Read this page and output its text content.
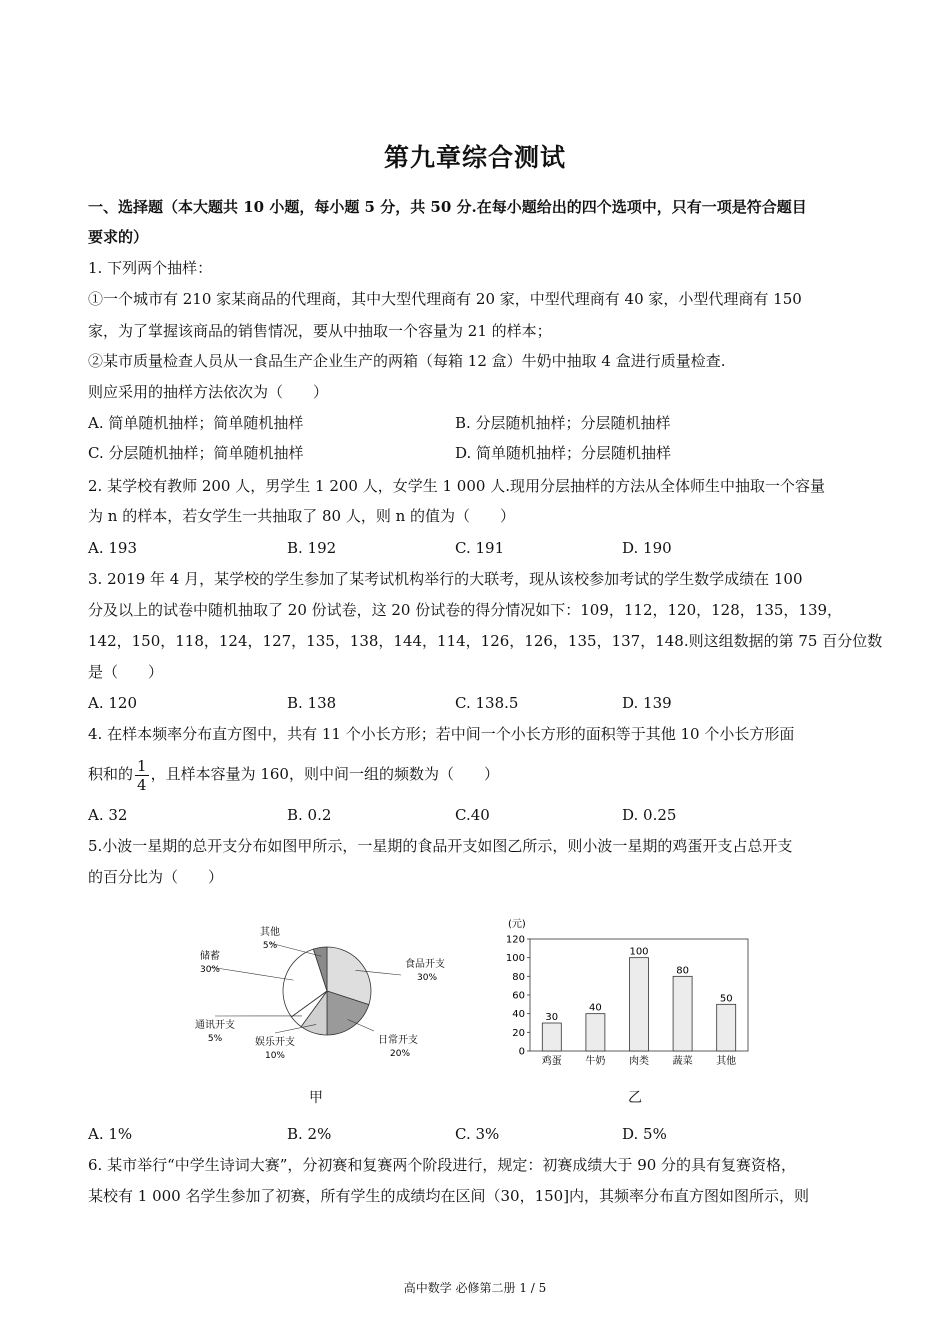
第九章综合测试
一、选择题（本大题共 10 小题，每小题 5 分，共 50 分.在每小题给出的四个选项中，只有一项是符合题目
要求的）
1. 下列两个抽样：
①一个城市有 210 家某商品的代理商，其中大型代理商有 20 家，中型代理商有 40 家，小型代理商有 150
家，为了掌握该商品的销售情况，要从中抽取一个容量为 21 的样本；
②某市质量检查人员从一食品生产企业生产的两箱（每箱 12 盒）牛奶中抽取 4 盒进行质量检查.
则应采用的抽样方法依次为（　　）
A. 简单随机抽样；简单随机抽样	B. 分层随机抽样；分层随机抽样
C. 分层随机抽样；简单随机抽样	D. 简单随机抽样；分层随机抽样
2. 某学校有教师 200 人，男学生 1 200 人，女学生 1 000 人.现用分层抽样的方法从全体师生中抽取一个容量
为 n 的样本，若女学生一共抽取了 80 人，则 n 的值为（　　）
A. 193	B. 192	C. 191	D. 190
3. 2019 年 4 月，某学校的学生参加了某考试机构举行的大联考，现从该校参加考试的学生数学成绩在 100
分及以上的试卷中随机抽取了 20 份试卷，这 20 份试卷的得分情况如下：109，112，120，128，135，139，
142，150，118，124，127，135，138，144，114，126，126，135，137，148.则这组数据的第 75 百分位数
是（　　）
A. 120	B. 138	C. 138.5	D. 139
4. 在样本频率分布直方图中，共有 11 个小长方形；若中间一个小长方形的面积等于其他 10 个小长方形面
积和的 $\frac{1}{4}$ ，且样本容量为 160，则中间一组的频数为（　　）
A. 32	B. 0.2	C.40	D. 0.25
5.小波一星期的总开支分布如图甲所示，一星期的食品开支如图乙所示，则小波一星期的鸡蛋开支占总开支
的百分比为（　　）
食品开支
30%
日常开支
20%
娱乐开支
10%
通讯开支
5%
储蓄
30%
其他
5%
甲
(元)
0
20
40
60
80
100
120
30
鸡蛋
40
牛奶
100
肉类
80
蔬菜
50
其他
乙
A. 1%	B. 2%	C. 3%	D. 5%
6. 某市举行“中学生诗词大赛”，分初赛和复赛两个阶段进行，规定：初赛成绩大于 90 分的具有复赛资格，
某校有 1 000 名学生参加了初赛，所有学生的成绩均在区间（30，150]内，其频率分布直方图如图所示，则
高中数学 必修第二册 1 / 5
